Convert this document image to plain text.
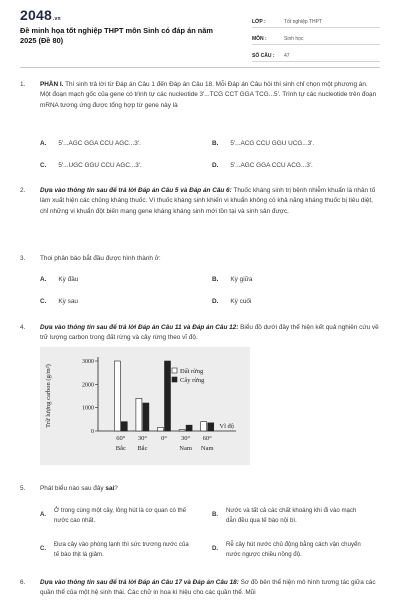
2048.vn
Đề minh họa tốt nghiệp THPT môn Sinh có đáp án năm 2025 (Đề 80)
LỚP :	Tốt nghiệp THPT
MÔN :	Sinh học
SỐ CÂU :	47
1.	PHẦN I. Thí sinh trả lời từ Đáp án Câu 1 đến Đáp án Câu 18. Mỗi Đáp án Câu hỏi thí sinh chỉ chọn một phương án.
Một đoạn mạch gốc của gene có trình tự các nucleotide 3'...TCG CCT GGA TCG...5'. Trình tự các nucleotide trên đoạn mRNA tương ứng được tổng hợp từ gene này là
A. 5'...AGC GGA CCU AGC...3'.	B. 5'...ACG CCU GGU UCG...3'.
C. 5'...UGC GGU CCU AGC...3'.	D. 5'...AGC GGA CCU ACG...3'.
2.	Dựa vào thông tin sau để trả lời Đáp án Câu 5 và Đáp án Câu 6: Thuốc kháng sinh trị bệnh nhiễm khuẩn là nhân tố làm xuất hiện các chủng kháng thuốc. Vì thuốc kháng sinh khiến vi khuẩn không có khả năng kháng thuốc bị tiêu diệt, chỉ những vi khuẩn đột biến mang gene kháng kháng sinh mới tồn tại và sinh sản được.
3.	Thoi phân bào bắt đầu được hình thành ở:
A. Kỳ đầu	B. Kỳ giữa
C. Kỳ sau	D. Kỳ cuối
4.	Dựa vào thông tin sau để trả lời Đáp án Câu 11 và Đáp án Câu 12: Biểu đồ dưới đây thể hiện kết quả nghiên cứu về trữ lượng carbon trong đất rừng và cây rừng theo vĩ độ.
Trữ lượng carbon (g/m²)
0
1000
2000
3000
60°
Bắc
30°
Bắc
0° 30°
Nam
60°
Nam
Vĩ độ
Đất rừng
Cây rừng
5.	Phát biểu nào sau đây sai?
A.
Ở trong cùng một cây, lông hút là cơ quan có thế nước cao nhất.
B.
Nước và tất cả các chất khoáng khi đi vào mạch dẫn đều qua tế bào nội bì.
C.
Đưa cây vào phòng lạnh thì sức trương nước của tế bào thịt lá giảm.
D.
Rễ cây hút nước chủ động bằng cách vận chuyển nước ngược chiều nồng độ.
6.	Dựa vào thông tin sau để trả lời Đáp án Câu 17 và Đáp án Câu 18: Sơ đồ bên thể hiện mô hình tương tác giữa các quần thể của một hệ sinh thái. Các chữ in hoa kí hiệu cho các quần thể. Mũi
